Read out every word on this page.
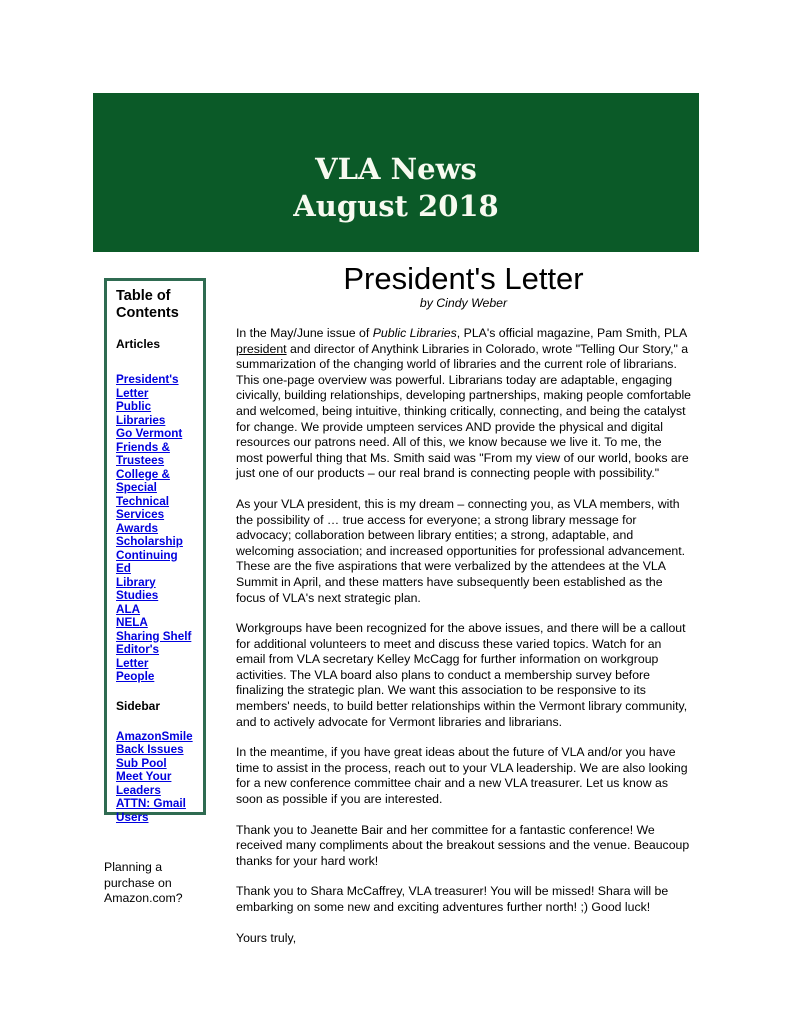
VLA News
August 2018
Table of Contents
Articles
President's Letter
Public Libraries
Go Vermont
Friends & Trustees
College & Special
Technical Services
Awards
Scholarship
Continuing Ed
Library Studies
ALA
NELA
Sharing Shelf
Editor's Letter
People
Sidebar
AmazonSmile
Back Issues
Sub Pool
Meet Your Leaders
ATTN: Gmail Users
Planning a purchase on Amazon.com?
President's Letter
by Cindy Weber

In the May/June issue of Public Libraries, PLA's official magazine, Pam Smith, PLA president and director of Anythink Libraries in Colorado, wrote "Telling Our Story," a summarization of the changing world of libraries and the current role of librarians. This one-page overview was powerful. Librarians today are adaptable, engaging civically, building relationships, developing partnerships, making people comfortable and welcomed, being intuitive, thinking critically, connecting, and being the catalyst for change. We provide umpteen services AND provide the physical and digital resources our patrons need. All of this, we know because we live it. To me, the most powerful thing that Ms. Smith said was "From my view of our world, books are just one of our products – our real brand is connecting people with possibility."

As your VLA president, this is my dream – connecting you, as VLA members, with the possibility of … true access for everyone; a strong library message for advocacy; collaboration between library entities; a strong, adaptable, and welcoming association; and increased opportunities for professional advancement. These are the five aspirations that were verbalized by the attendees at the VLA Summit in April, and these matters have subsequently been established as the focus of VLA's next strategic plan.

Workgroups have been recognized for the above issues, and there will be a callout for additional volunteers to meet and discuss these varied topics. Watch for an email from VLA secretary Kelley McCagg for further information on workgroup activities. The VLA board also plans to conduct a membership survey before finalizing the strategic plan. We want this association to be responsive to its members' needs, to build better relationships within the Vermont library community, and to actively advocate for Vermont libraries and librarians.

In the meantime, if you have great ideas about the future of VLA and/or you have time to assist in the process, reach out to your VLA leadership. We are also looking for a new conference committee chair and a new VLA treasurer. Let us know as soon as possible if you are interested.

Thank you to Jeanette Bair and her committee for a fantastic conference! We received many compliments about the breakout sessions and the venue. Beaucoup thanks for your hard work!

Thank you to Shara McCaffrey, VLA treasurer! You will be missed! Shara will be embarking on some new and exciting adventures further north! ;) Good luck!

Yours truly,
